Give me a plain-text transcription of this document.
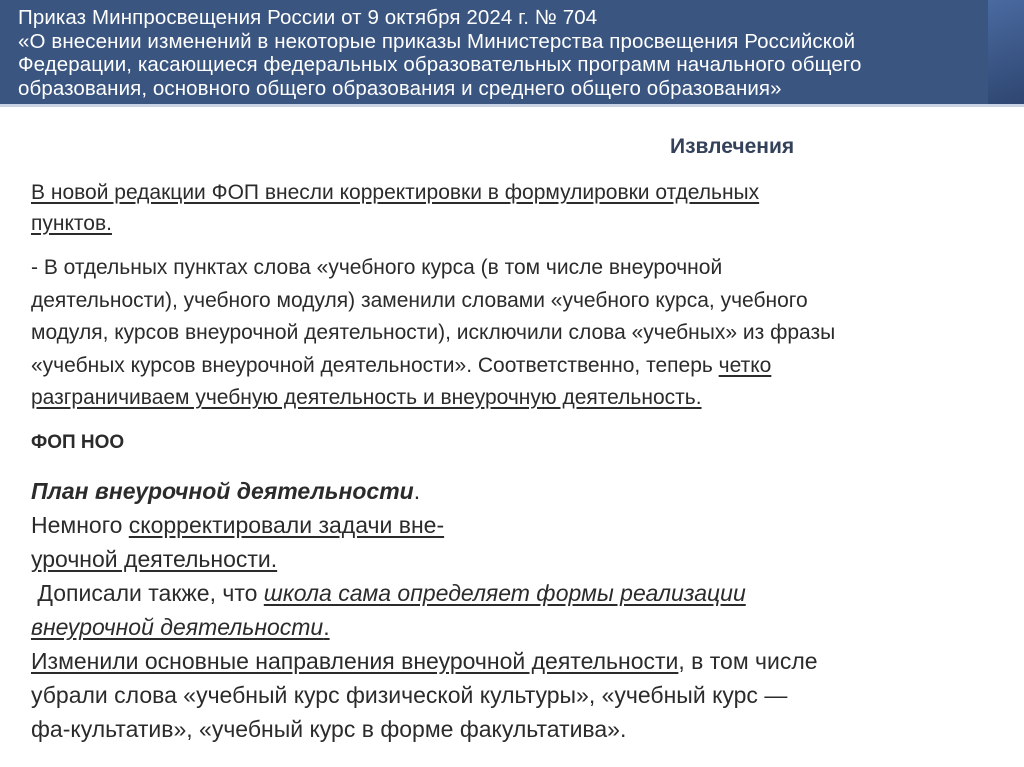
Приказ Минпросвещения России от 9 октября 2024 г. № 704
«О внесении изменений в некоторые приказы Министерства просвещения Российской
Федерации, касающиеся федеральных образовательных программ начального общего
образования, основного общего образования и среднего общего образования»
Извлечения
В новой редакции ФОП внесли корректировки в формулировки отдельных
пунктов.
- В отдельных пунктах слова «учебного курса (в том числе внеурочной
деятельности), учебного модуля) заменили словами «учебного курса, учебного
модуля, курсов внеурочной деятельности), исключили слова «учебных» из фразы
«учебных курсов внеурочной деятельности». Соответственно, теперь четко
разграничиваем учебную деятельность и внеурочную деятельность.
ФОП НОО
План внеурочной деятельности.
Немного скорректировали задачи вне-
урочной деятельности.
Дописали также, что школа сама определяет формы реализации
внеурочной деятельности.
Изменили основные направления внеурочной деятельности, в том числе
убрали слова «учебный курс физической культуры», «учебный курс —
фа-культатив», «учебный курс в форме факультатива».
